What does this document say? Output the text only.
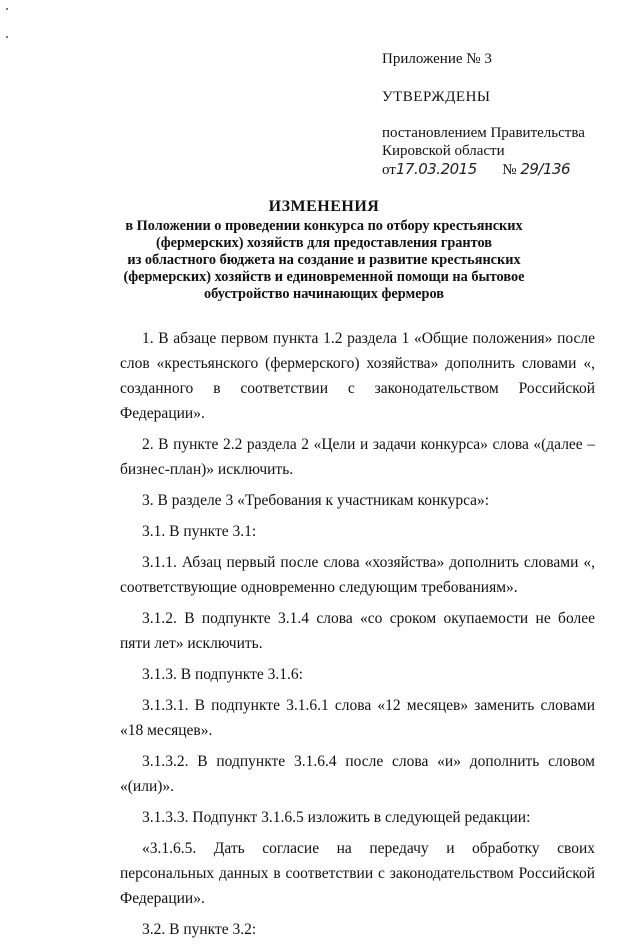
Приложение № 3
УТВЕРЖДЕНЫ
постановлением Правительства
Кировской области
от17.03.2015 № 29/136
ИЗМЕНЕНИЯ
в Положении о проведении конкурса по отбору крестьянских
(фермерских) хозяйств для предоставления грантов
из областного бюджета на создание и развитие крестьянских
(фермерских) хозяйств и единовременной помощи на бытовое
обустройство начинающих фермеров

1. В абзаце первом пункта 1.2 раздела 1 «Общие положения» после слов «крестьянского (фермерского) хозяйства» дополнить словами «, созданного в соответствии с законодательством Российской Федерации».

2. В пункте 2.2 раздела 2 «Цели и задачи конкурса» слова «(далее – бизнес-план)» исключить.

3. В разделе 3 «Требования к участникам конкурса»:

3.1. В пункте 3.1:

3.1.1. Абзац первый после слова «хозяйства» дополнить словами «, соответствующие одновременно следующим требованиям».

3.1.2. В подпункте 3.1.4 слова «со сроком окупаемости не более пяти лет» исключить.

3.1.3. В подпункте 3.1.6:

3.1.3.1. В подпункте 3.1.6.1 слова «12 месяцев» заменить словами «18 месяцев».

3.1.3.2. В подпункте 3.1.6.4 после слова «и» дополнить словом «(или)».

3.1.3.3. Подпункт 3.1.6.5 изложить в следующей редакции:

«3.1.6.5. Дать согласие на передачу и обработку своих персональных данных в соответствии с законодательством Российской Федерации».

3.2. В пункте 3.2:
